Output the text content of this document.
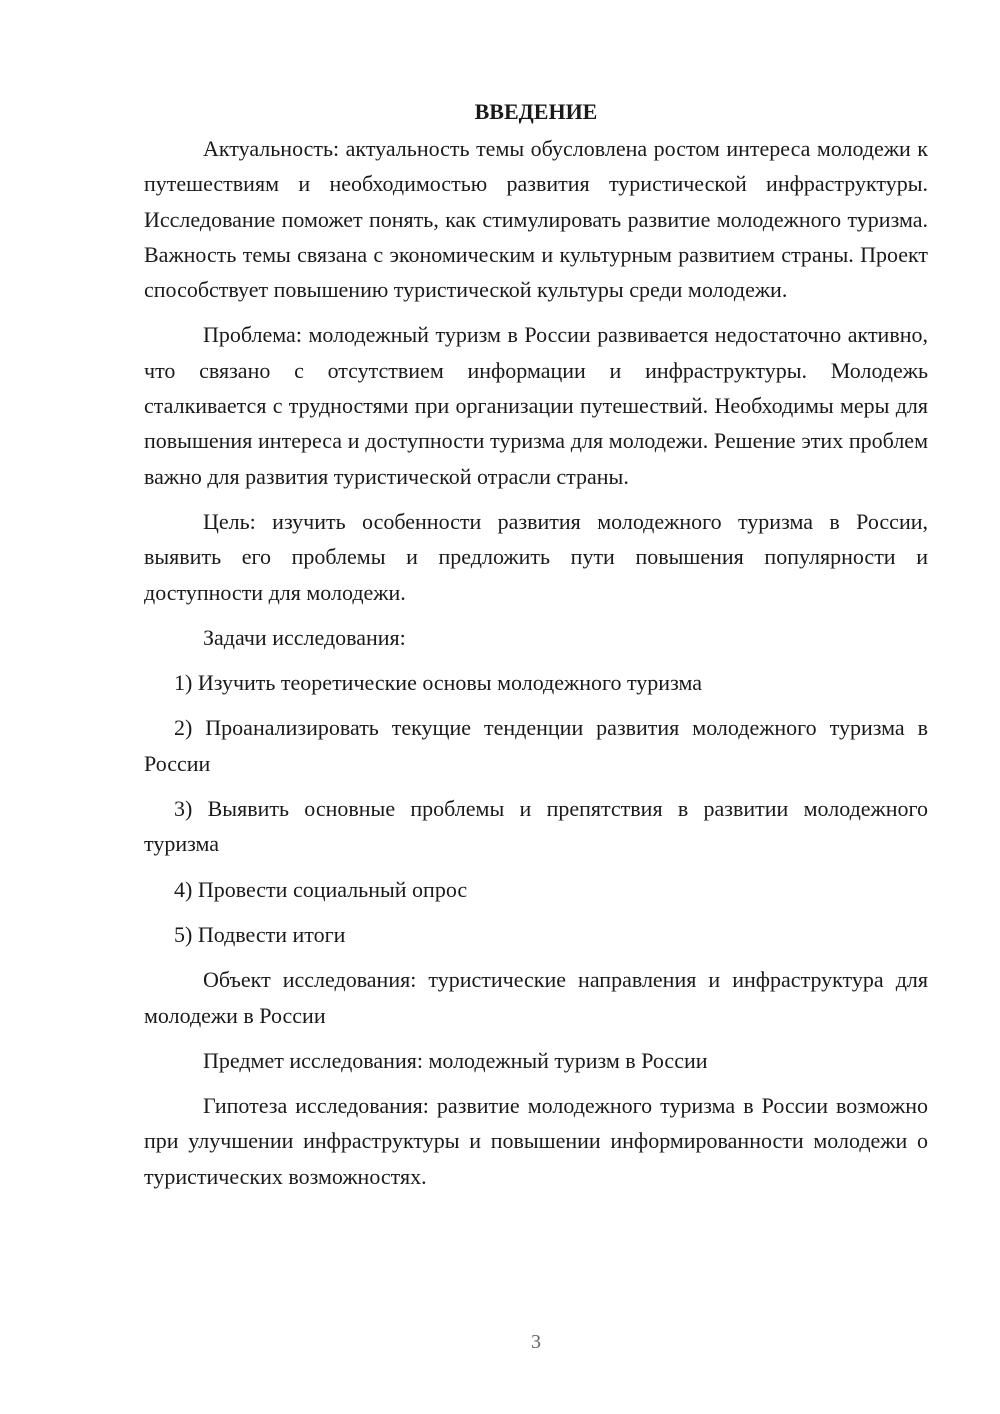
ВВЕДЕНИЕ

Актуальность: актуальность темы обусловлена ростом интереса молодежи к путешествиям и необходимостью развития туристической инфраструктуры. Исследование поможет понять, как стимулировать развитие молодежного туризма. Важность темы связана с экономическим и культурным развитием страны. Проект способствует повышению туристической культуры среди молодежи.

Проблема: молодежный туризм в России развивается недостаточно активно, что связано с отсутствием информации и инфраструктуры. Молодежь сталкивается с трудностями при организации путешествий. Необходимы меры для повышения интереса и доступности туризма для молодежи. Решение этих проблем важно для развития туристической отрасли страны.

Цель: изучить особенности развития молодежного туризма в России, выявить его проблемы и предложить пути повышения популярности и доступности для молодежи.

Задачи исследования:

1) Изучить теоретические основы молодежного туризма

2) Проанализировать текущие тенденции развития молодежного туризма в России

3) Выявить основные проблемы и препятствия в развитии молодежного туризма

4) Провести социальный опрос

5) Подвести итоги

Объект исследования: туристические направления и инфраструктура для молодежи в России

Предмет исследования: молодежный туризм в России

Гипотеза исследования: развитие молодежного туризма в России возможно при улучшении инфраструктуры и повышении информированности молодежи о туристических возможностях.

3
